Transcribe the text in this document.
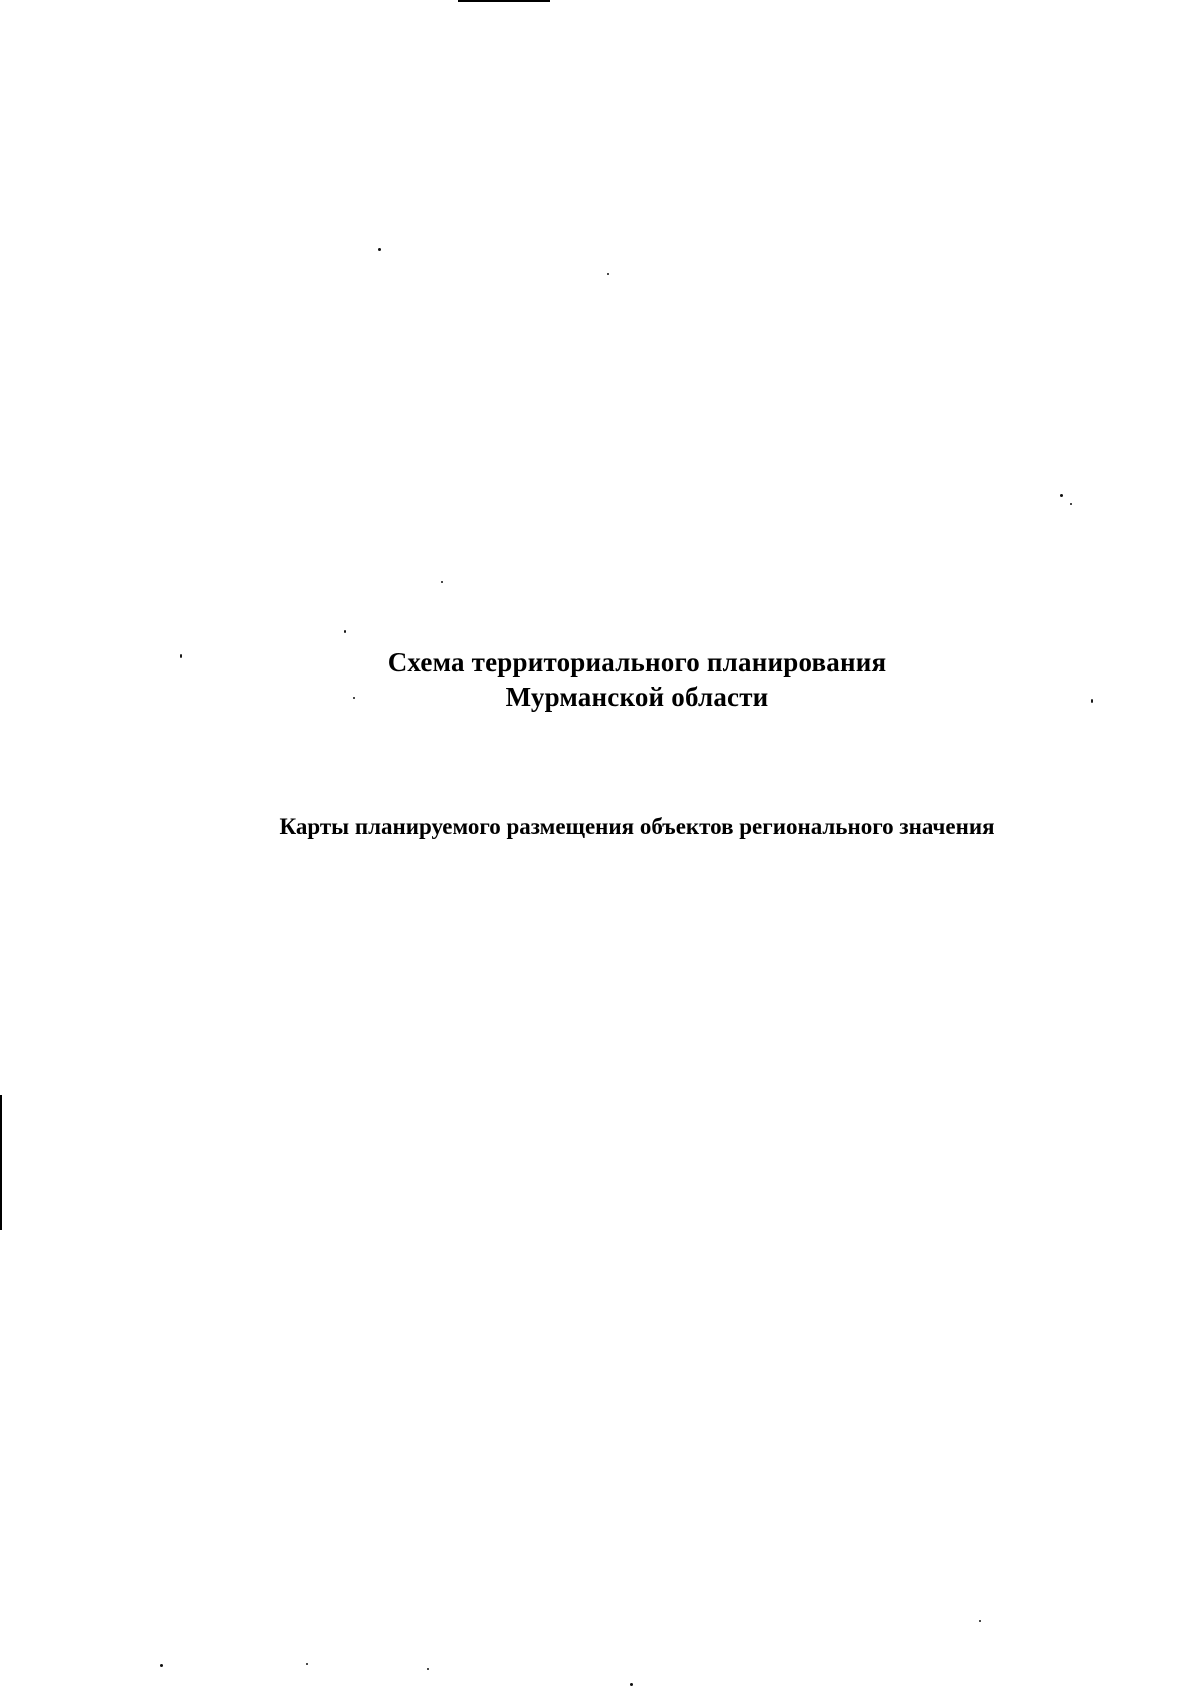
Схема территориального планирования
Мурманской области
Карты планируемого размещения объектов регионального значения
